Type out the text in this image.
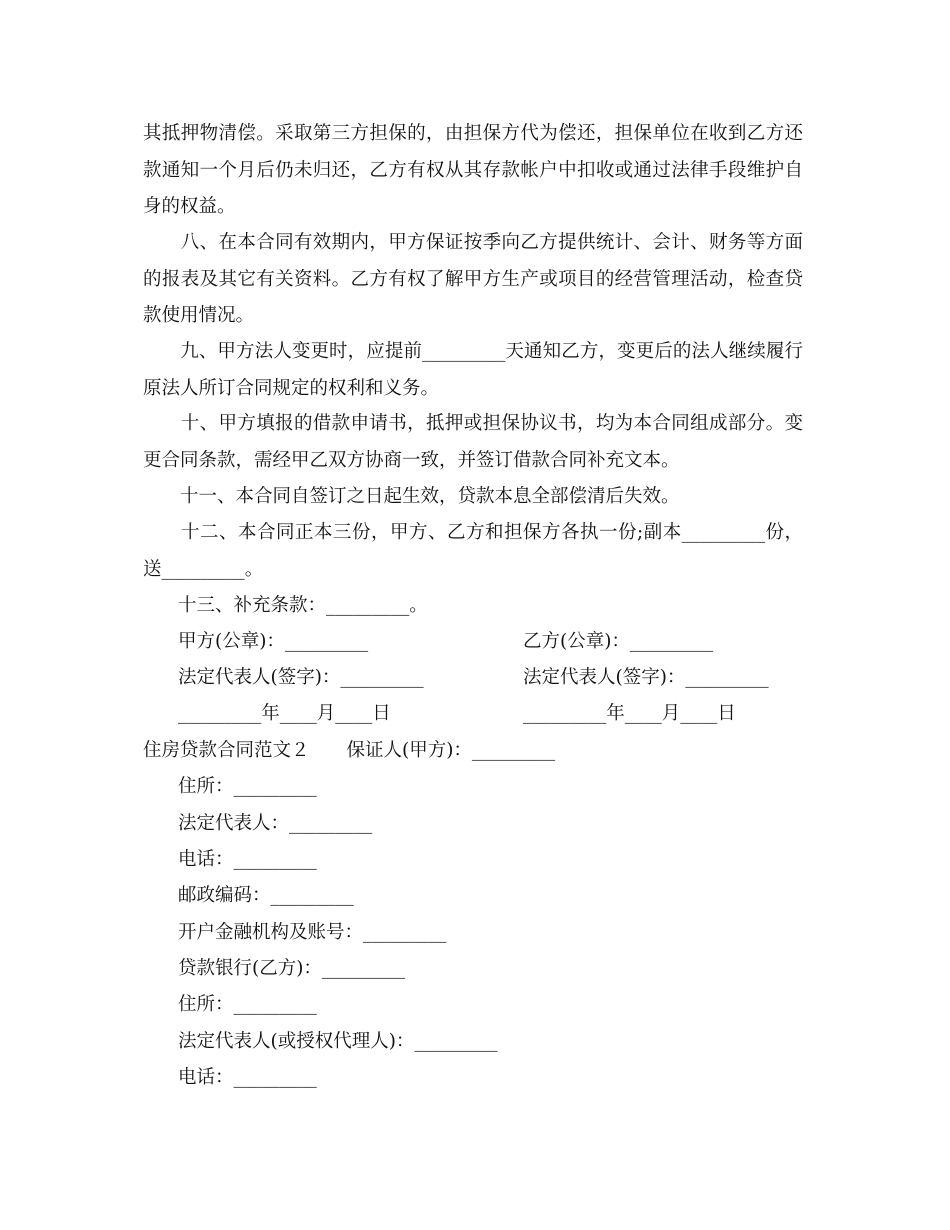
其抵押物清偿。采取第三方担保的，由担保方代为偿还，担保单位在收到乙方还款通知一个月后仍未归还，乙方有权从其存款帐户中扣收或通过法律手段维护自身的权益。

　　八、在本合同有效期内，甲方保证按季向乙方提供统计、会计、财务等方面的报表及其它有关资料。乙方有权了解甲方生产或项目的经营管理活动，检查贷款使用情况。

　　九、甲方法人变更时，应提前_________天通知乙方，变更后的法人继续履行原法人所订合同规定的权利和义务。

　　十、甲方填报的借款申请书，抵押或担保协议书，均为本合同组成部分。变更合同条款，需经甲乙双方协商一致，并签订借款合同补充文本。

　　十一、本合同自签订之日起生效，贷款本息全部偿清后失效。

　　十二、本合同正本三份，甲方、乙方和担保方各执一份;副本_________份，送_________。

十三、补充条款：_________。

甲方(公章)：_________	乙方(公章)：_________

法定代表人(签字)：_________	法定代表人(签字)：_________

_________年____月____日	_________年____月____日

住房贷款合同范文２　　保证人(甲方)：_________

住所：_________

法定代表人：_________

电话：_________

邮政编码：_________

开户金融机构及账号：_________

贷款银行(乙方)：_________

住所：_________

法定代表人(或授权代理人)：_________

电话：_________
